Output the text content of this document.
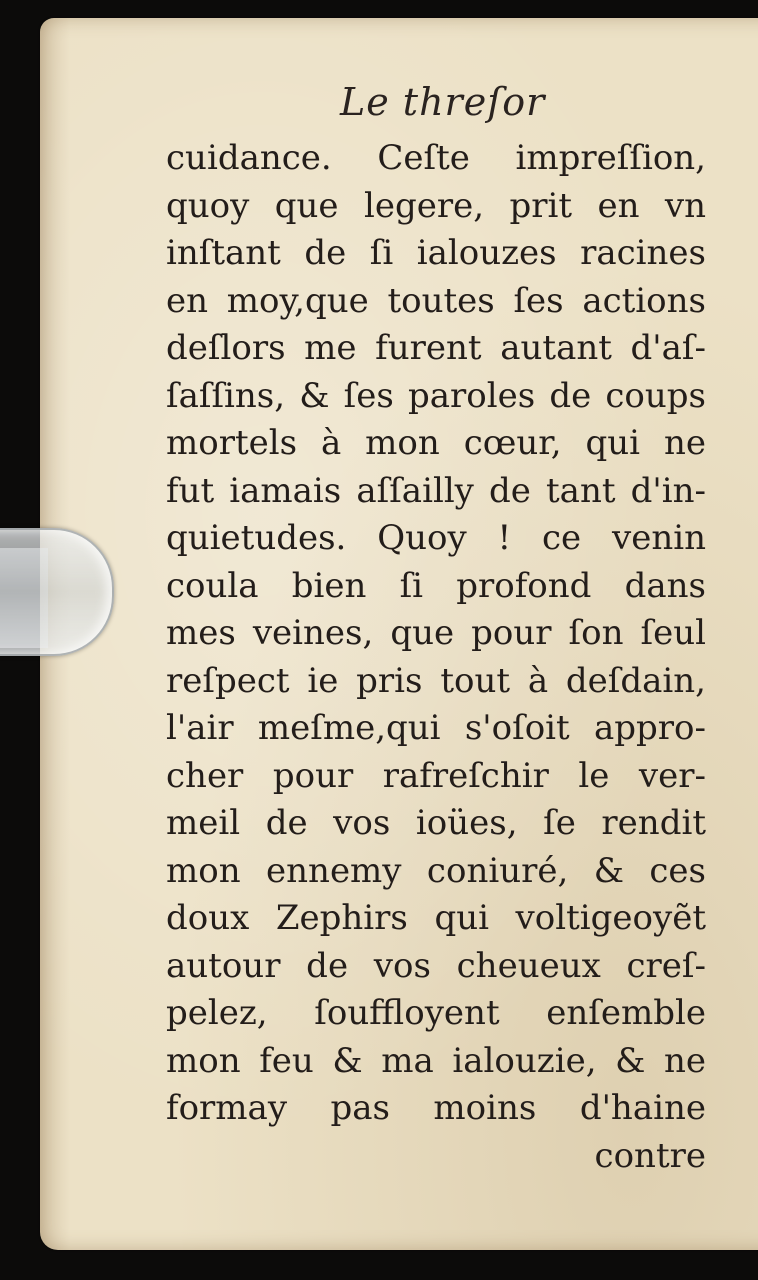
Le threſor
cuidance. Ceſte impreſſion,
quoy que legere, prit en vn
inſtant de ſi ialouzes racines
en moy,que toutes ſes actions
deſlors me furent autant d'aſ-
ſaſſins, & ſes paroles de coups
mortels à mon cœur, qui ne
fut iamais aſſailly de tant d'in-
quietudes. Quoy ! ce venin
coula bien ſi profond dans
mes veines, que pour ſon ſeul
reſpect ie pris tout à deſdain,
l'air meſme,qui s'oſoit appro-
cher pour rafreſchir le ver-
meil de vos ioües, ſe rendit
mon ennemy coniuré, & ces
doux Zephirs qui voltigeoyẽt
autour de vos cheueux creſ-
pelez, ſouffloyent enſemble
mon feu & ma ialouzie, & ne
formay pas moins d'haine
contre
